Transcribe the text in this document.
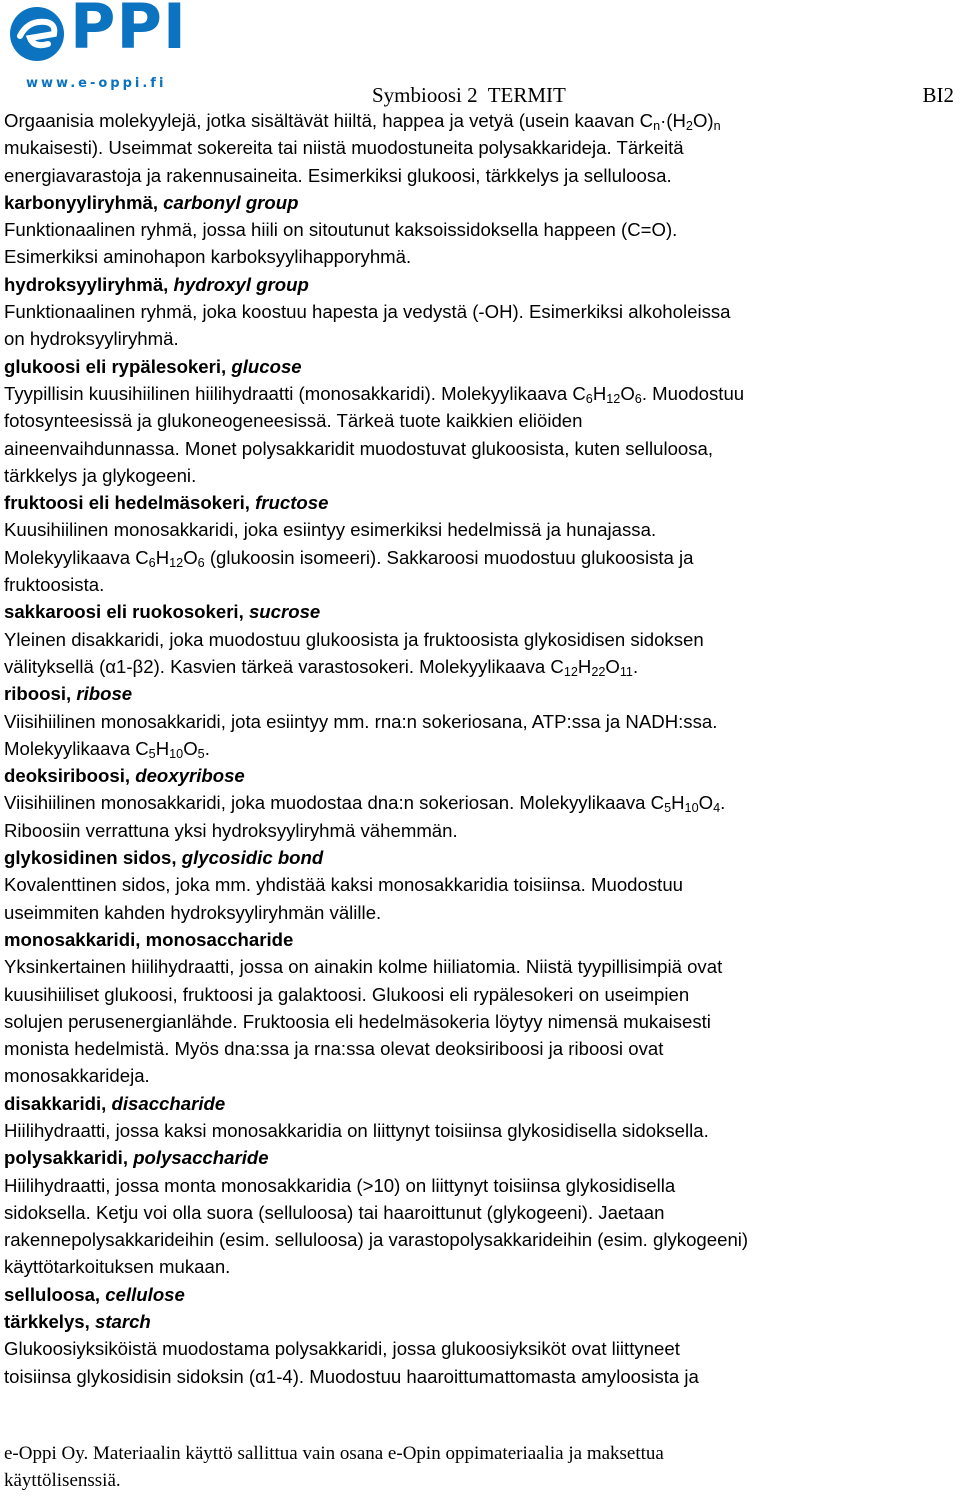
PPI
www.e-oppi.fi	Symbioosi 2  TERMIT	BI2
Orgaanisia molekyylejä, jotka sisältävät hiiltä, happea ja vetyä (usein kaavan $C_n\cdot(H_2O)_n$
mukaisesti). Useimmat sokereita tai niistä muodostuneita polysakkarideja. Tärkeitä
energiavarastoja ja rakennusaineita. Esimerkiksi glukoosi, tärkkelys ja selluloosa.
karbonyyliryhmä, carbonyl group
Funktionaalinen ryhmä, jossa hiili on sitoutunut kaksoissidoksella happeen (C=O).
Esimerkiksi aminohapon karboksyylihapporyhmä.
hydroksyyliryhmä, hydroxyl group
Funktionaalinen ryhmä, joka koostuu hapesta ja vedystä (-OH). Esimerkiksi alkoholeissa
on hydroksyyliryhmä.
glukoosi eli rypälesokeri, glucose
Tyypillisin kuusihiilinen hiilihydraatti (monosakkaridi). Molekyylikaava $C_6H_{12}O_6$. Muodostuu
fotosynteesissä ja glukoneogeneesissä. Tärkeä tuote kaikkien eliöiden
aineenvaihdunnassa. Monet polysakkaridit muodostuvat glukoosista, kuten selluloosa,
tärkkelys ja glykogeeni.
fruktoosi eli hedelmäsokeri, fructose
Kuusihiilinen monosakkaridi, joka esiintyy esimerkiksi hedelmissä ja hunajassa.
Molekyylikaava $C_6H_{12}O_6$ (glukoosin isomeeri). Sakkaroosi muodostuu glukoosista ja
fruktoosista.
sakkaroosi eli ruokosokeri, sucrose
Yleinen disakkaridi, joka muodostuu glukoosista ja fruktoosista glykosidisen sidoksen
välityksellä (α1-β2). Kasvien tärkeä varastosokeri. Molekyylikaava $C_{12}H_{22}O_{11}$.
riboosi, ribose
Viisihiilinen monosakkaridi, jota esiintyy mm. rna:n sokeriosana, ATP:ssa ja NADH:ssa.
Molekyylikaava $C_5H_{10}O_5$.
deoksiriboosi, deoxyribose
Viisihiilinen monosakkaridi, joka muodostaa dna:n sokeriosan. Molekyylikaava $C_5H_{10}O_4$.
Riboosiin verrattuna yksi hydroksyyliryhmä vähemmän.
glykosidinen sidos, glycosidic bond
Kovalenttinen sidos, joka mm. yhdistää kaksi monosakkaridia toisiinsa. Muodostuu
useimmiten kahden hydroksyyliryhmän välille.
monosakkaridi, monosaccharide
Yksinkertainen hiilihydraatti, jossa on ainakin kolme hiiliatomia. Niistä tyypillisimpiä ovat
kuusihiiliset glukoosi, fruktoosi ja galaktoosi. Glukoosi eli rypälesokeri on useimpien
solujen perusenergianlähde. Fruktoosia eli hedelmäsokeria löytyy nimensä mukaisesti
monista hedelmistä. Myös dna:ssa ja rna:ssa olevat deoksiriboosi ja riboosi ovat
monosakkarideja.
disakkaridi, disaccharide
Hiilihydraatti, jossa kaksi monosakkaridia on liittynyt toisiinsa glykosidisella sidoksella.
polysakkaridi, polysaccharide
Hiilihydraatti, jossa monta monosakkaridia (>10) on liittynyt toisiinsa glykosidisella
sidoksella. Ketju voi olla suora (selluloosa) tai haaroittunut (glykogeeni). Jaetaan
rakennepolysakkarideihin (esim. selluloosa) ja varastopolysakkarideihin (esim. glykogeeni)
käyttötarkoituksen mukaan.
selluloosa, cellulose
tärkkelys, starch
Glukoosiyksiköistä muodostama polysakkaridi, jossa glukoosiyksiköt ovat liittyneet
toisiinsa glykosidisin sidoksin (α1-4). Muodostuu haaroittumattomasta amyloosista ja
e-Oppi Oy. Materiaalin käyttö sallittua vain osana e-Opin oppimateriaalia ja maksettua
käyttölisenssiä.
